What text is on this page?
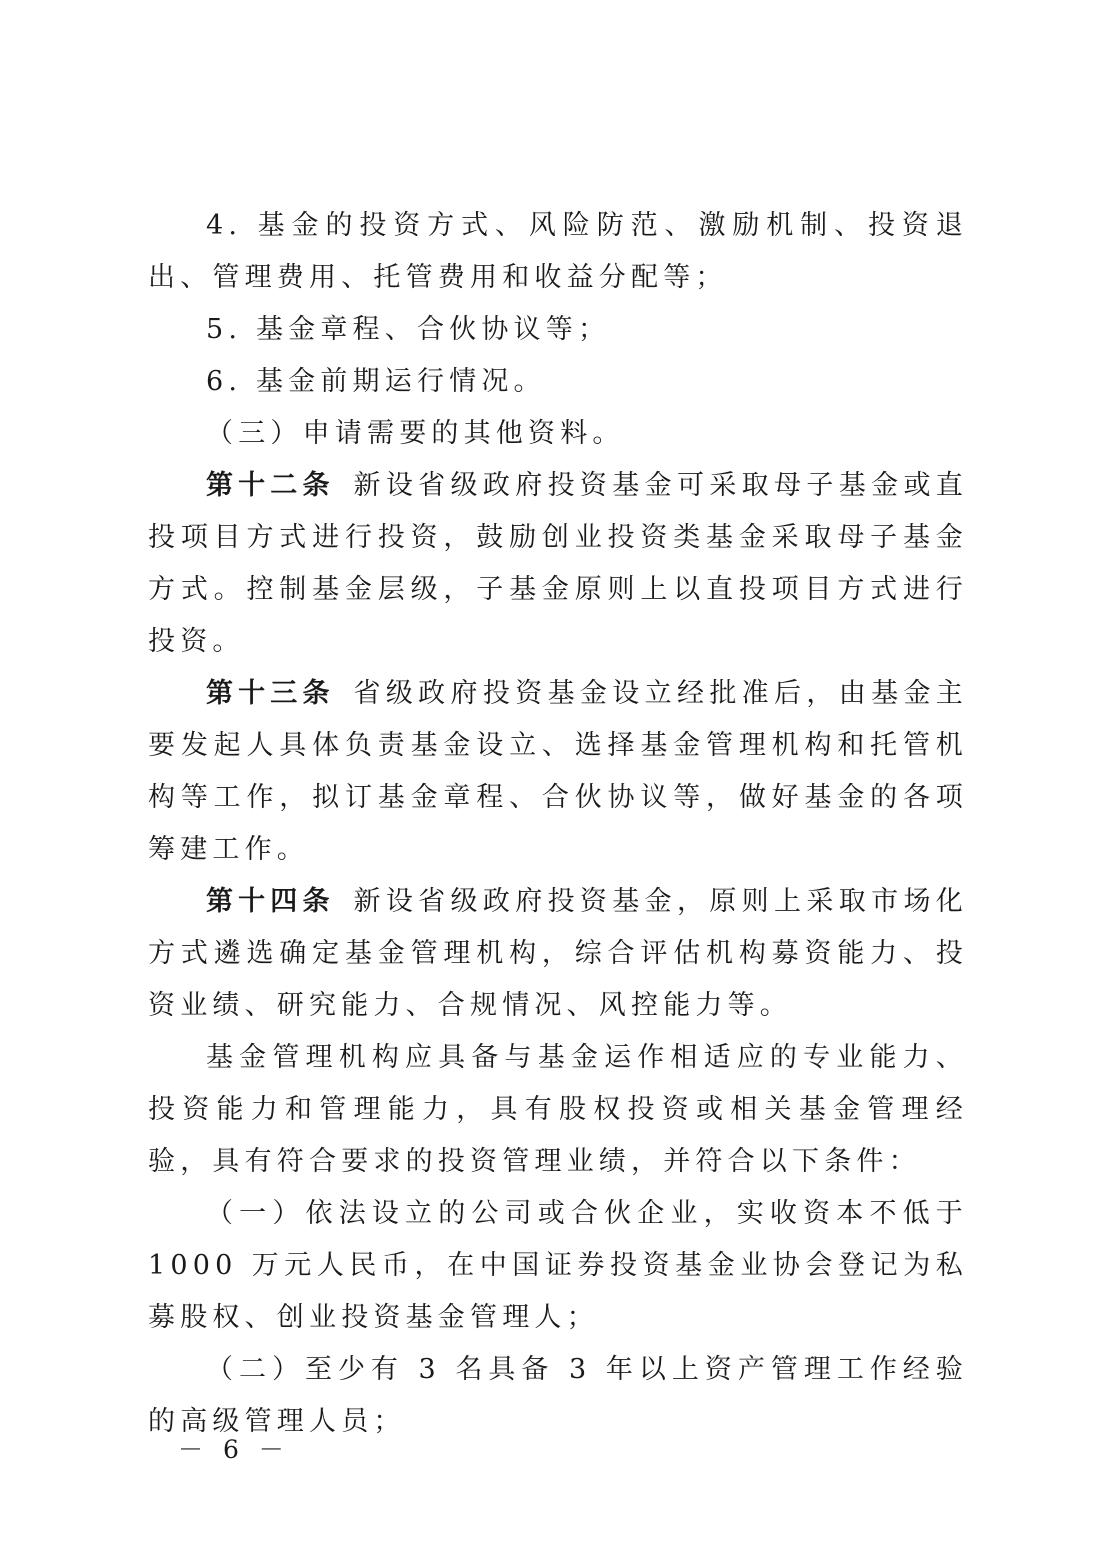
4. 基金的投资方式、风险防范、激励机制、投资退出、管理费用、托管费用和收益分配等；

5. 基金章程、合伙协议等；

6. 基金前期运行情况。

（三）申请需要的其他资料。

第十二条  新设省级政府投资基金可采取母子基金或直投项目方式进行投资，鼓励创业投资类基金采取母子基金方式。控制基金层级，子基金原则上以直投项目方式进行投资。

第十三条  省级政府投资基金设立经批准后，由基金主要发起人具体负责基金设立、选择基金管理机构和托管机构等工作，拟订基金章程、合伙协议等，做好基金的各项筹建工作。

第十四条  新设省级政府投资基金，原则上采取市场化方式遴选确定基金管理机构，综合评估机构募资能力、投资业绩、研究能力、合规情况、风控能力等。

基金管理机构应具备与基金运作相适应的专业能力、投资能力和管理能力，具有股权投资或相关基金管理经验，具有符合要求的投资管理业绩，并符合以下条件：

（一）依法设立的公司或合伙企业，实收资本不低于 1000 万元人民币，在中国证券投资基金业协会登记为私募股权、创业投资基金管理人；

（二）至少有 3 名具备 3 年以上资产管理工作经验的高级管理人员；

－ 6 －
